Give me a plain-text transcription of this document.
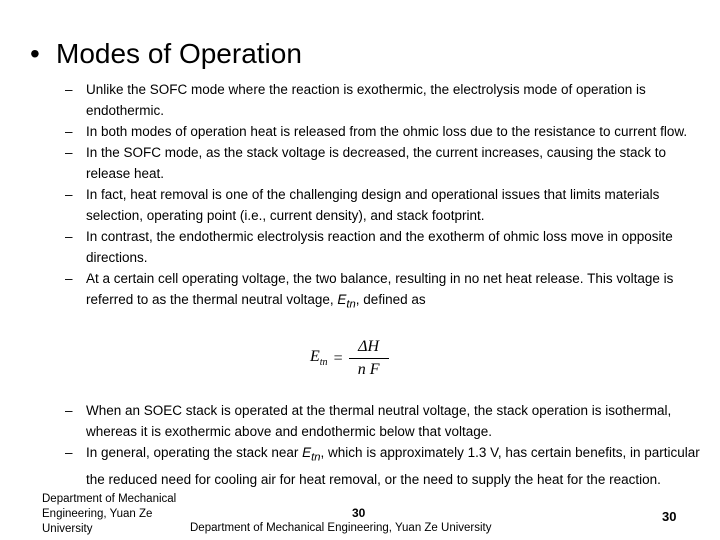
• Modes of Operation
– Unlike the SOFC mode where the reaction is exothermic, the electrolysis mode of operation is endothermic.
– In both modes of operation heat is released from the ohmic loss due to the resistance to current flow.
– In the SOFC mode, as the stack voltage is decreased, the current increases, causing the stack to release heat.
– In fact, heat removal is one of the challenging design and operational issues that limits materials selection, operating point (i.e., current density), and stack footprint.
– In contrast, the endothermic electrolysis reaction and the exotherm of ohmic loss move in opposite directions.
– At a certain cell operating voltage, the two balance, resulting in no net heat release. This voltage is referred to as the thermal neutral voltage, $E_{tn}$, defined as
$E_{tn} = \frac{\Delta H}{\text{n F}}$
– When an SOEC stack is operated at the thermal neutral voltage, the stack operation is isothermal, whereas it is exothermic above and endothermic below that voltage.
– In general, operating the stack near $E_{tn}$, which is approximately 1.3 V, has certain benefits, in particular the reduced need for cooling air for heat removal, or the need to supply the heat for the reaction.
Department of Mechanical Engineering, Yuan Ze University
30
Department of Mechanical Engineering, Yuan Ze University
30
